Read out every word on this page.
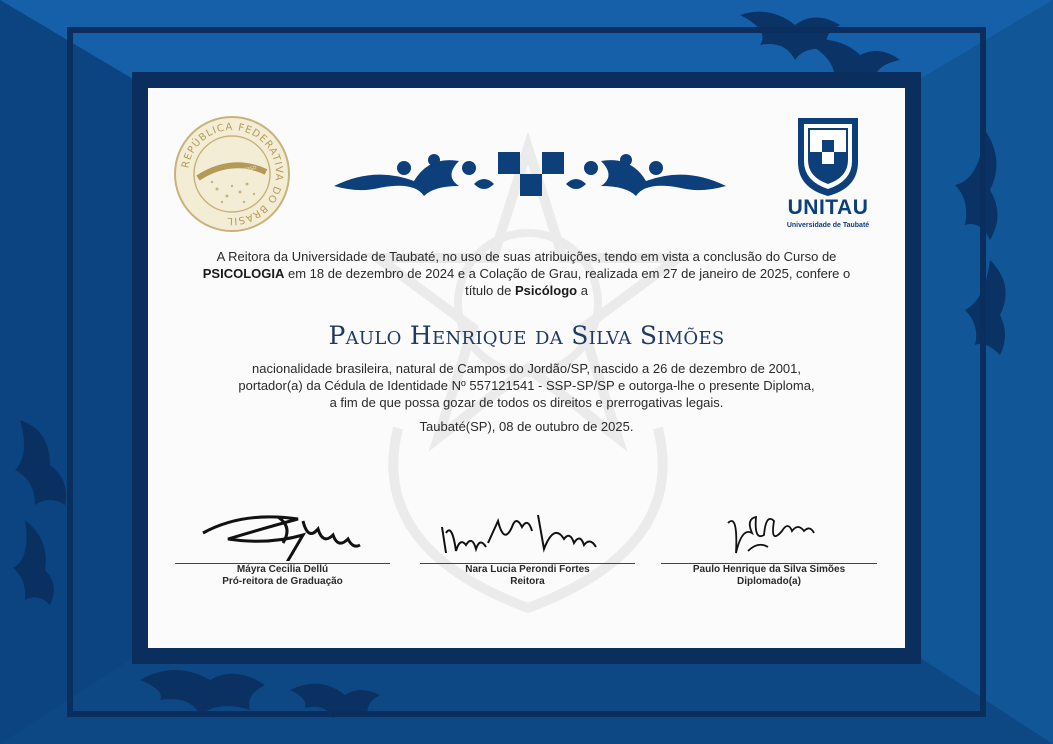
REPÚBLICA FEDERATIVA DO BRASIL
ORDEM E PROGRESSO
UNITAU
Universidade de Taubaté
A Reitora da Universidade de Taubaté, no uso de suas atribuições, tendo em vista a conclusão do Curso de
PSICOLOGIA em 18 de dezembro de 2024 e a Colação de Grau, realizada em 27 de janeiro de 2025, confere o
título de Psicólogo a
Paulo Henrique da Silva Simões
nacionalidade brasileira, natural de Campos do Jordão/SP, nascido a 26 de dezembro de 2001,
portador(a) da Cédula de Identidade Nº 557121541 - SSP-SP/SP e outorga-lhe o presente Diploma,
a fim de que possa gozar de todos os direitos e prerrogativas legais.
Taubaté(SP), 08 de outubro de 2025.
Máyra Cecilia Dellú
Pró-reitora de Graduação
Nara Lucia Perondi Fortes
Reitora
Paulo Henrique da Silva Simões
Diplomado(a)
